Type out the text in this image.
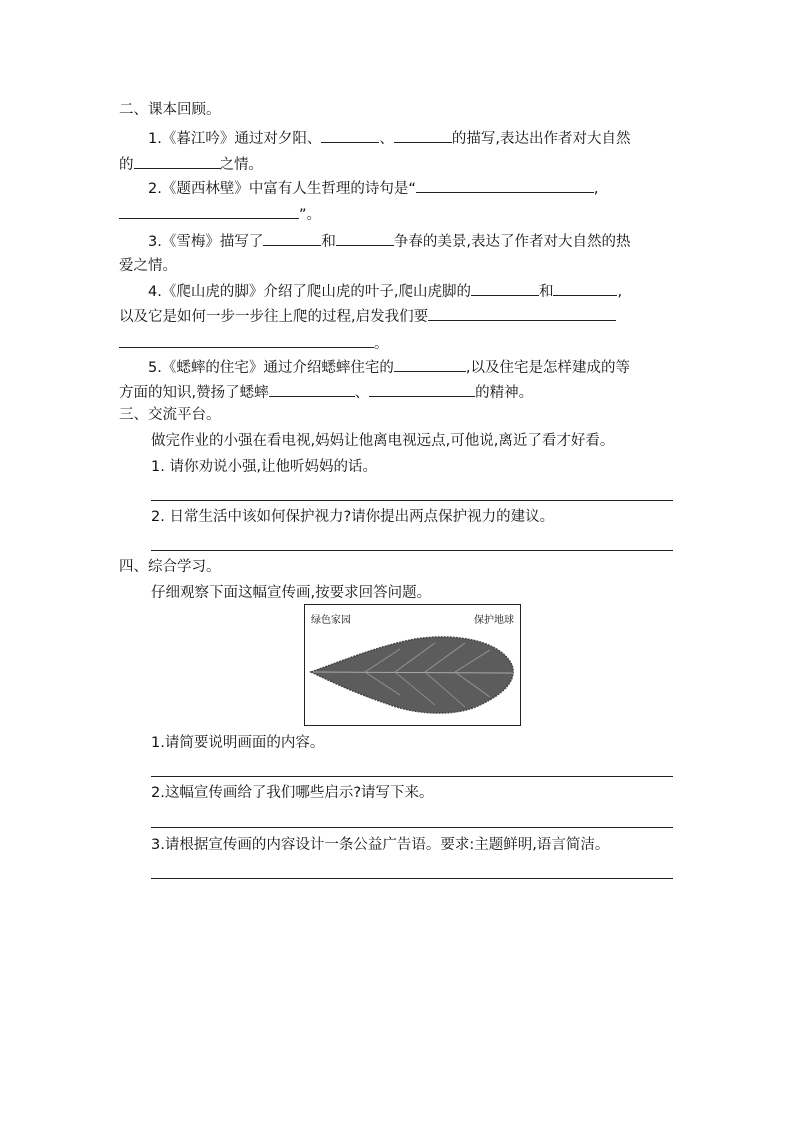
二、课本回顾。
1.《暮江吟》通过对夕阳、	、	的描写,表达出作者对大自然
的	之情。
2.《题西林壁》中富有人生哲理的诗句是“	,
”。
3.《雪梅》描写了	和	争春的美景,表达了作者对大自然的热
爱之情。
4.《爬山虎的脚》介绍了爬山虎的叶子,爬山虎脚的	和	,
以及它是如何一步一步往上爬的过程,启发我们要
。
5.《蟋蟀的住宅》通过介绍蟋蟀住宅的	,以及住宅是怎样建成的等
方面的知识,赞扬了蟋蟀	、	的精神。
三、交流平台。
做完作业的小强在看电视,妈妈让他离电视远点,可他说,离近了看才好看。
1. 请你劝说小强,让他听妈妈的话。
2. 日常生活中该如何保护视力?请你提出两点保护视力的建议。
四、综合学习。
仔细观察下面这幅宣传画,按要求回答问题。
绿色家园	保护地球
1.请简要说明画面的内容。
2.这幅宣传画给了我们哪些启示?请写下来。
3.请根据宣传画的内容设计一条公益广告语。要求:主题鲜明,语言简洁。
